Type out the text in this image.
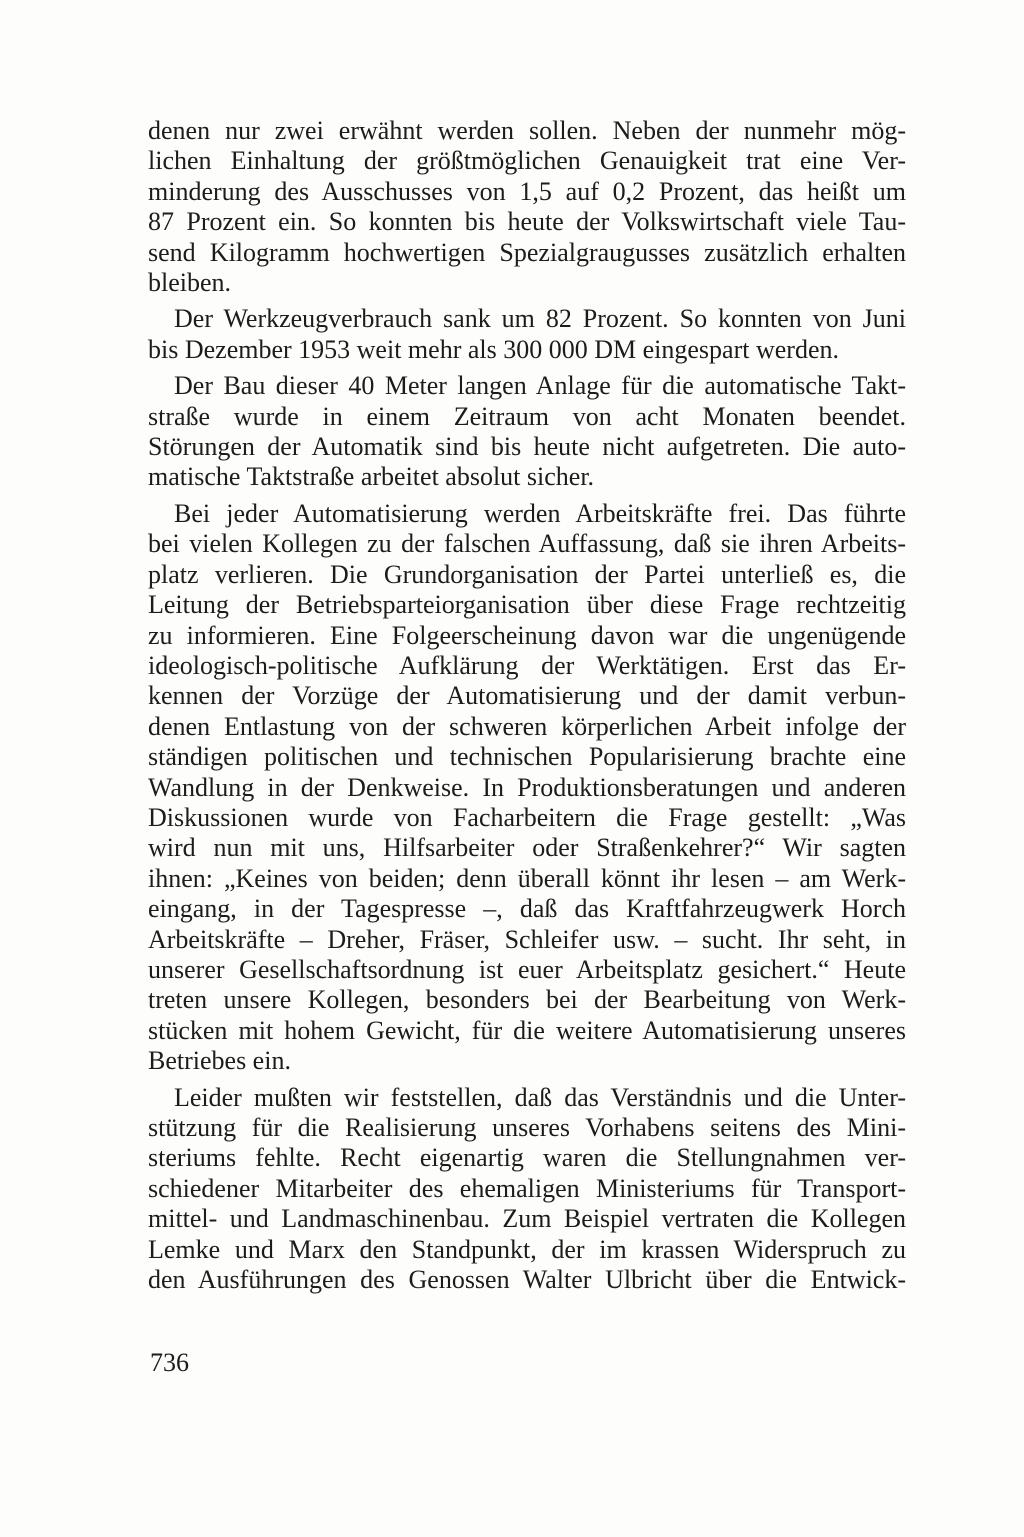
denen nur zwei erwähnt werden sollen. Neben der nunmehr mög-
lichen Einhaltung der größtmöglichen Genauigkeit trat eine Ver-
minderung des Ausschusses von 1,5 auf 0,2 Prozent, das heißt um
87 Prozent ein. So konnten bis heute der Volkswirtschaft viele Tau-
send Kilogramm hochwertigen Spezialgraugusses zusätzlich erhalten
bleiben.

Der Werkzeugverbrauch sank um 82 Prozent. So konnten von Juni
bis Dezember 1953 weit mehr als 300 000 DM eingespart werden.

Der Bau dieser 40 Meter langen Anlage für die automatische Takt-
straße wurde in einem Zeitraum von acht Monaten beendet.
Störungen der Automatik sind bis heute nicht aufgetreten. Die auto-
matische Taktstraße arbeitet absolut sicher.

Bei jeder Automatisierung werden Arbeitskräfte frei. Das führte
bei vielen Kollegen zu der falschen Auffassung, daß sie ihren Arbeits-
platz verlieren. Die Grundorganisation der Partei unterließ es, die
Leitung der Betriebsparteiorganisation über diese Frage rechtzeitig
zu informieren. Eine Folgeerscheinung davon war die ungenügende
ideologisch-politische Aufklärung der Werktätigen. Erst das Er-
kennen der Vorzüge der Automatisierung und der damit verbun-
denen Entlastung von der schweren körperlichen Arbeit infolge der
ständigen politischen und technischen Popularisierung brachte eine
Wandlung in der Denkweise. In Produktionsberatungen und anderen
Diskussionen wurde von Facharbeitern die Frage gestellt: „Was
wird nun mit uns, Hilfsarbeiter oder Straßenkehrer?“ Wir sagten
ihnen: „Keines von beiden; denn überall könnt ihr lesen – am Werk-
eingang, in der Tagespresse –, daß das Kraftfahrzeugwerk Horch
Arbeitskräfte – Dreher, Fräser, Schleifer usw. – sucht. Ihr seht, in
unserer Gesellschaftsordnung ist euer Arbeitsplatz gesichert.“ Heute
treten unsere Kollegen, besonders bei der Bearbeitung von Werk-
stücken mit hohem Gewicht, für die weitere Automatisierung unseres
Betriebes ein.

Leider mußten wir feststellen, daß das Verständnis und die Unter-
stützung für die Realisierung unseres Vorhabens seitens des Mini-
steriums fehlte. Recht eigenartig waren die Stellungnahmen ver-
schiedener Mitarbeiter des ehemaligen Ministeriums für Transport-
mittel- und Landmaschinenbau. Zum Beispiel vertraten die Kollegen
Lemke und Marx den Standpunkt, der im krassen Widerspruch zu
den Ausführungen des Genossen Walter Ulbricht über die Entwick-

736
